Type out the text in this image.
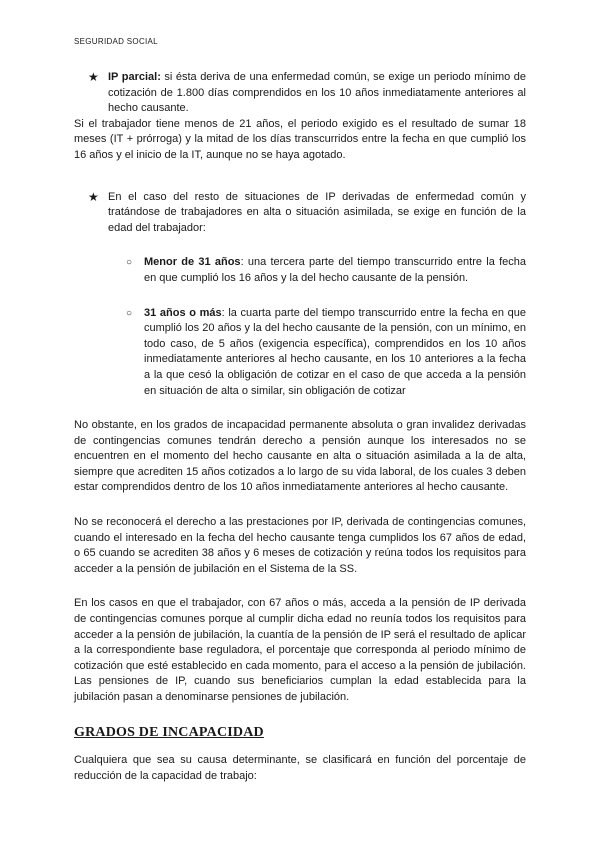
SEGURIDAD SOCIAL

★ IP parcial: si ésta deriva de una enfermedad común, se exige un periodo mínimo de cotización de 1.800 días comprendidos en los 10 años inmediatamente anteriores al hecho causante.

Si el trabajador tiene menos de 21 años, el periodo exigido es el resultado de sumar 18 meses (IT + prórroga) y la mitad de los días transcurridos entre la fecha en que cumplió los 16 años y el inicio de la IT, aunque no se haya agotado.

★ En el caso del resto de situaciones de IP derivadas de enfermedad común y tratándose de trabajadores en alta o situación asimilada, se exige en función de la edad del trabajador:

○ Menor de 31 años: una tercera parte del tiempo transcurrido entre la fecha en que cumplió los 16 años y la del hecho causante de la pensión.

○ 31 años o más: la cuarta parte del tiempo transcurrido entre la fecha en que cumplió los 20 años y la del hecho causante de la pensión, con un mínimo, en todo caso, de 5 años (exigencia específica), comprendidos en los 10 años inmediatamente anteriores al hecho causante, en los 10 anteriores a la fecha a la que cesó la obligación de cotizar en el caso de que acceda a la pensión en situación de alta o similar, sin obligación de cotizar

No obstante, en los grados de incapacidad permanente absoluta o gran invalidez derivadas de contingencias comunes tendrán derecho a pensión aunque los interesados no se encuentren en el momento del hecho causante en alta o situación asimilada a la de alta, siempre que acrediten 15 años cotizados a lo largo de su vida laboral, de los cuales 3 deben estar comprendidos dentro de los 10 años inmediatamente anteriores al hecho causante.

No se reconocerá el derecho a las prestaciones por IP, derivada de contingencias comunes, cuando el interesado en la fecha del hecho causante tenga cumplidos los 67 años de edad, o 65 cuando se acrediten 38 años y 6 meses de cotización y reúna todos los requisitos para acceder a la pensión de jubilación en el Sistema de la SS.

En los casos en que el trabajador, con 67 años o más, acceda a la pensión de IP derivada de contingencias comunes porque al cumplir dicha edad no reunía todos los requisitos para acceder a la pensión de jubilación, la cuantía de la pensión de IP será el resultado de aplicar a la correspondiente base reguladora, el porcentaje que corresponda al periodo mínimo de cotización que esté establecido en cada momento, para el acceso a la pensión de jubilación. Las pensiones de IP, cuando sus beneficiarios cumplan la edad establecida para la jubilación pasan a denominarse pensiones de jubilación.

GRADOS DE INCAPACIDAD

Cualquiera que sea su causa determinante, se clasificará en función del porcentaje de reducción de la capacidad de trabajo:
